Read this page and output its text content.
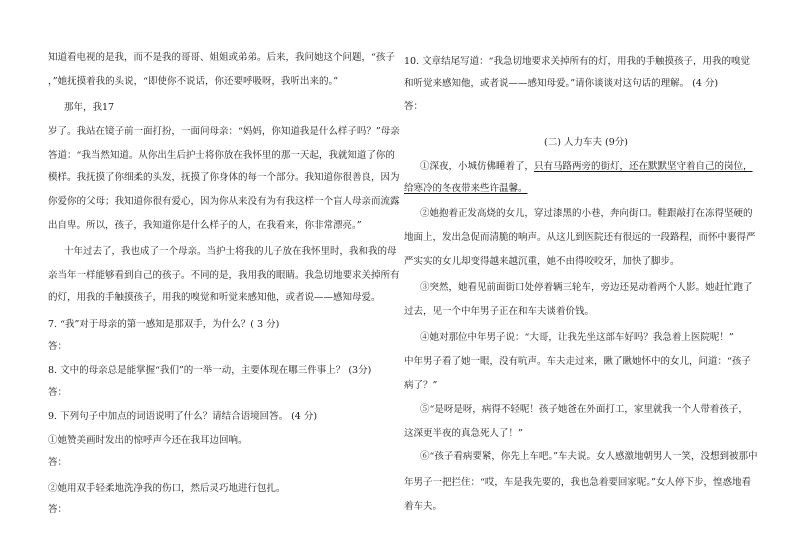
知道看电视的是我，而不是我的哥哥、姐姐或弟弟。后来，我问她这个问题，“孩子
，”她抚摸着我的头说，“即使你不说话，你还要呼吸呀，我听出来的。”
那年，我17
岁了。我站在镜子前一面打扮，一面问母亲：“妈妈，你知道我是什么样子吗？”母亲
答道：“我当然知道。从你出生后护士将你放在我怀里的那一天起，我就知道了你的
模样。我抚摸了你细柔的头发，抚摸了你身体的每一个部分。我知道你很善良，因为
你爱你的父母；我知道你很有爱心，因为你从来没有为有我这样一个盲人母亲而流露
出自卑。所以，孩子，我知道你是什么样子的人，在我看来，你非常漂亮。”
十年过去了，我也成了一个母亲。当护士将我的儿子放在我怀里时，我和我的母
亲当年一样能够看到自己的孩子。不同的是，我用我的眼睛。我急切地要求关掉所有
的灯，用我的手触摸孩子，用我的嗅觉和听觉来感知他，或者说——感知母爱。
7. “我”对于母亲的第一感知是那双手，为什么？( 3 分)
答：
8. 文中的母亲总是能掌握“我们”的一举一动，主要体现在哪三件事上？ (3分)
答：
9. 下列句子中加点的词语说明了什么？请结合语境回答。 (4 分)
①她赞美画时发出的惊呼声今还在我耳边回响。
答：
②她用双手轻柔地洗净我的伤口，然后灵巧地进行包扎。
答：
10. 文章结尾写道：“我急切地要求关掉所有的灯，用我的手触摸孩子，用我的嗅觉
和听觉来感知他，或者说——感知母爱。”请你谈谈对这句话的理解。 (4 分)
答：
(二) 人力车夫 (9分)
①深夜，小城仿佛睡着了，只有马路两旁的街灯，还在默默坚守着自己的岗位，
给寒冷的冬夜带来些许温馨。
②她抱着正发高烧的女儿，穿过漆黑的小巷，奔向街口。鞋跟敲打在冻得坚硬的
地面上，发出急促而清脆的响声。从这儿到医院还有很远的一段路程，而怀中裹得严
严实实的女儿却变得越来越沉重，她不由得咬咬牙，加快了脚步。
③突然，她看见前面街口处停着辆三轮车，旁边还晃动着两个人影。她赶忙跑了
过去，见一个中年男子正在和车夫谈着价钱。
④她对那位中年男子说：“大哥，让我先坐这部车好吗？我急着上医院呢！”
中年男子看了她一眼，没有吭声。车夫走过来，瞅了瞅她怀中的女儿，问道：“孩子
病了？”
⑤“是呀是呀，病得不轻呢！孩子她爸在外面打工，家里就我一个人带着孩子，
这深更半夜的真急死人了！”
⑥“孩子看病要紧，你先上车吧。”车夫说。女人感激地朝男人一笑，没想到被那中
年男子一把拦住：“哎，车是我先要的，我也急着要回家呢。”女人停下步，惶惑地看
着车夫。
